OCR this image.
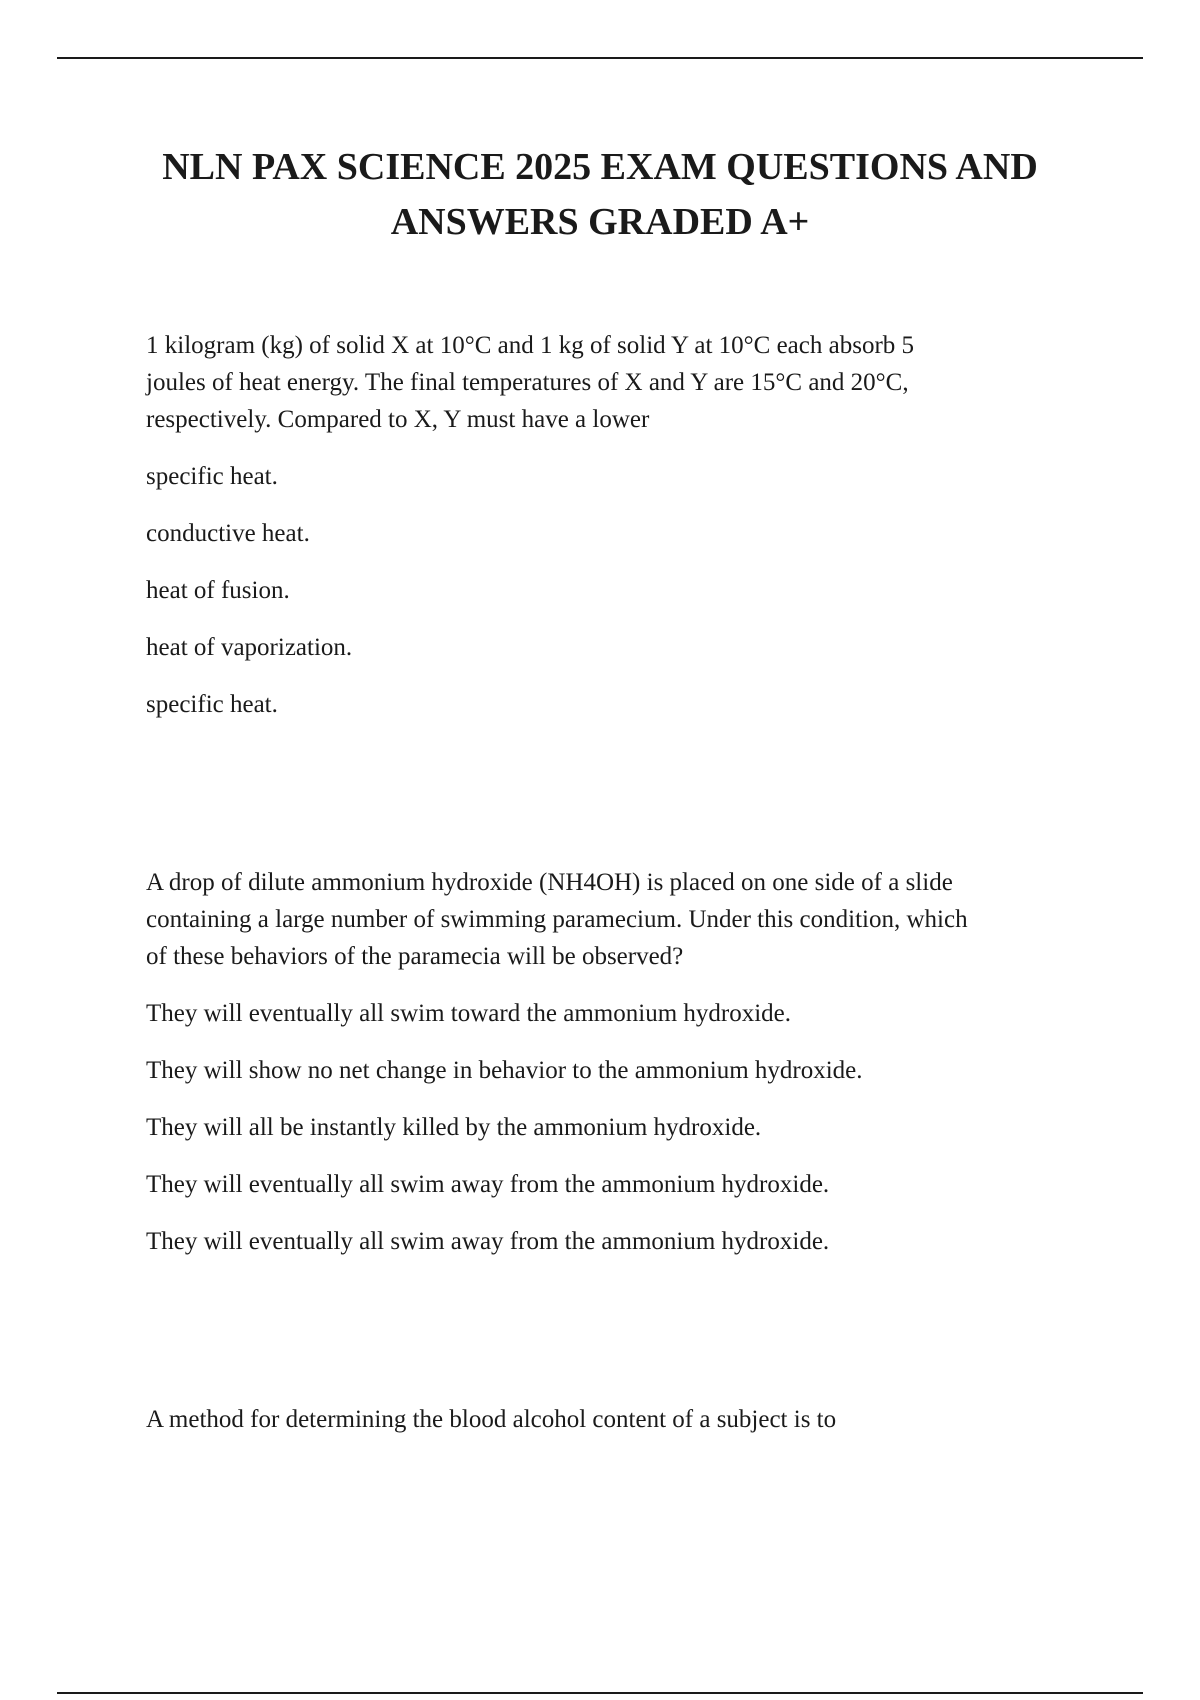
NLN PAX SCIENCE 2025 EXAM QUESTIONS AND
ANSWERS GRADED A+

1 kilogram (kg) of solid X at 10°C and 1 kg of solid Y at 10°C each absorb 5
joules of heat energy. The final temperatures of X and Y are 15°C and 20°C,
respectively. Compared to X, Y must have a lower

specific heat.
conductive heat.
heat of fusion.
heat of vaporization.
specific heat.

A drop of dilute ammonium hydroxide (NH4OH) is placed on one side of a slide
containing a large number of swimming paramecium. Under this condition, which
of these behaviors of the paramecia will be observed?

They will eventually all swim toward the ammonium hydroxide.
They will show no net change in behavior to the ammonium hydroxide.
They will all be instantly killed by the ammonium hydroxide.
They will eventually all swim away from the ammonium hydroxide.
They will eventually all swim away from the ammonium hydroxide.

A method for determining the blood alcohol content of a subject is to
